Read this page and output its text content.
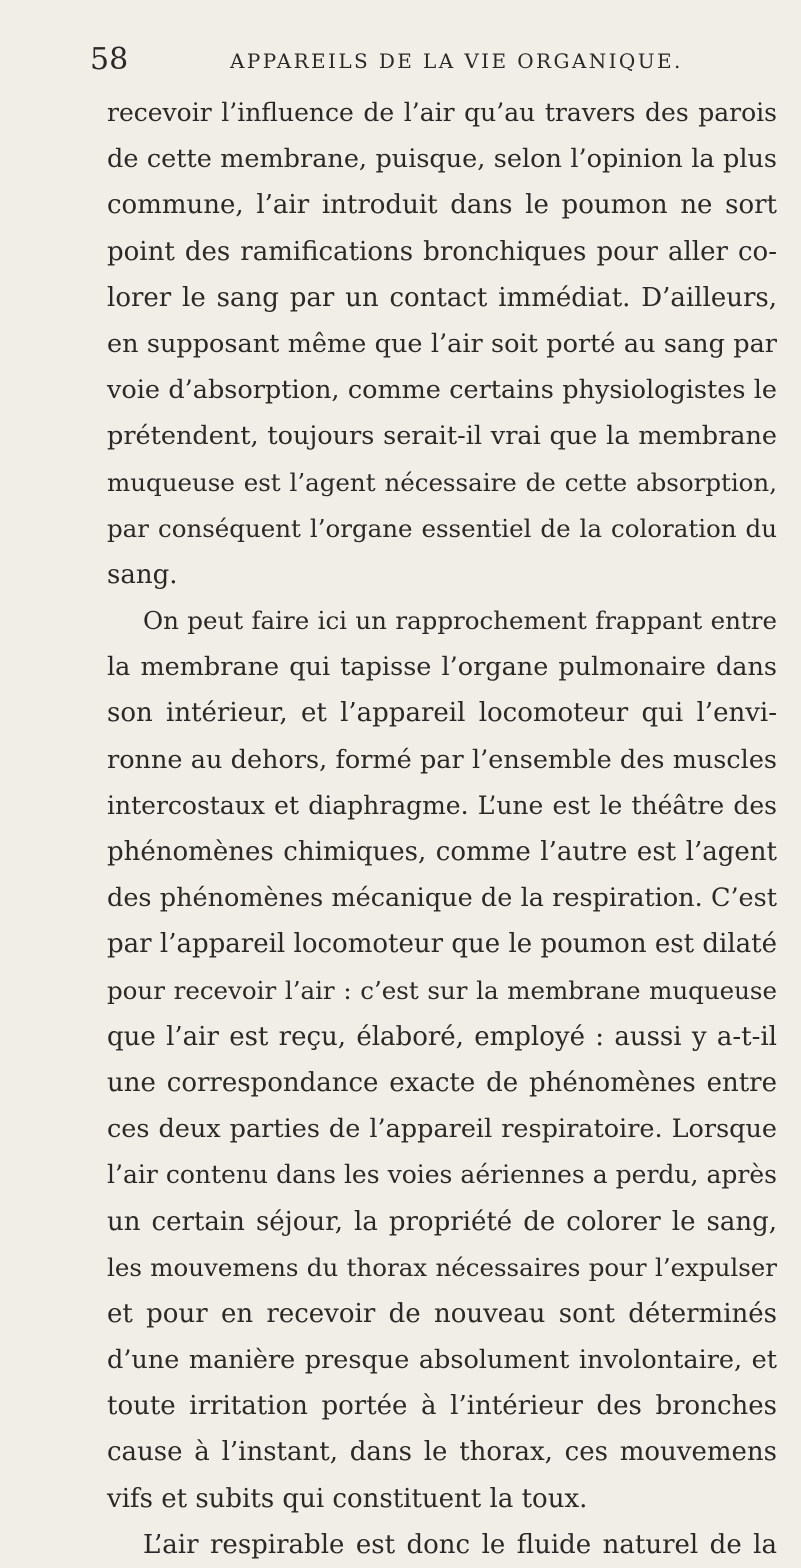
58	APPAREILS DE LA VIE ORGANIQUE.
recevoir l’influence de l’air qu’au travers des parois
de cette membrane, puisque, selon l’opinion la plus
commune, l’air introduit dans le poumon ne sort
point des ramifications bronchiques pour aller co-
lorer le sang par un contact immédiat. D’ailleurs,
en supposant même que l’air soit porté au sang par
voie d’absorption, comme certains physiologistes le
prétendent, toujours serait-il vrai que la membrane
muqueuse est l’agent nécessaire de cette absorption,
par conséquent l’organe essentiel de la coloration du
sang.
On peut faire ici un rapprochement frappant entre
la membrane qui tapisse l’organe pulmonaire dans
son intérieur, et l’appareil locomoteur qui l’envi-
ronne au dehors, formé par l’ensemble des muscles
intercostaux et diaphragme. L’une est le théâtre des
phénomènes chimiques, comme l’autre est l’agent
des phénomènes mécanique de la respiration. C’est
par l’appareil locomoteur que le poumon est dilaté
pour recevoir l’air : c’est sur la membrane muqueuse
que l’air est reçu, élaboré, employé : aussi y a-t-il
une correspondance exacte de phénomènes entre
ces deux parties de l’appareil respiratoire. Lorsque
l’air contenu dans les voies aériennes a perdu, après
un certain séjour, la propriété de colorer le sang,
les mouvemens du thorax nécessaires pour l’expulser
et pour en recevoir de nouveau sont déterminés
d’une manière presque absolument involontaire, et
toute irritation portée à l’intérieur des bronches
cause à l’instant, dans le thorax, ces mouvemens
vifs et subits qui constituent la toux.
L’air respirable est donc le fluide naturel de la
